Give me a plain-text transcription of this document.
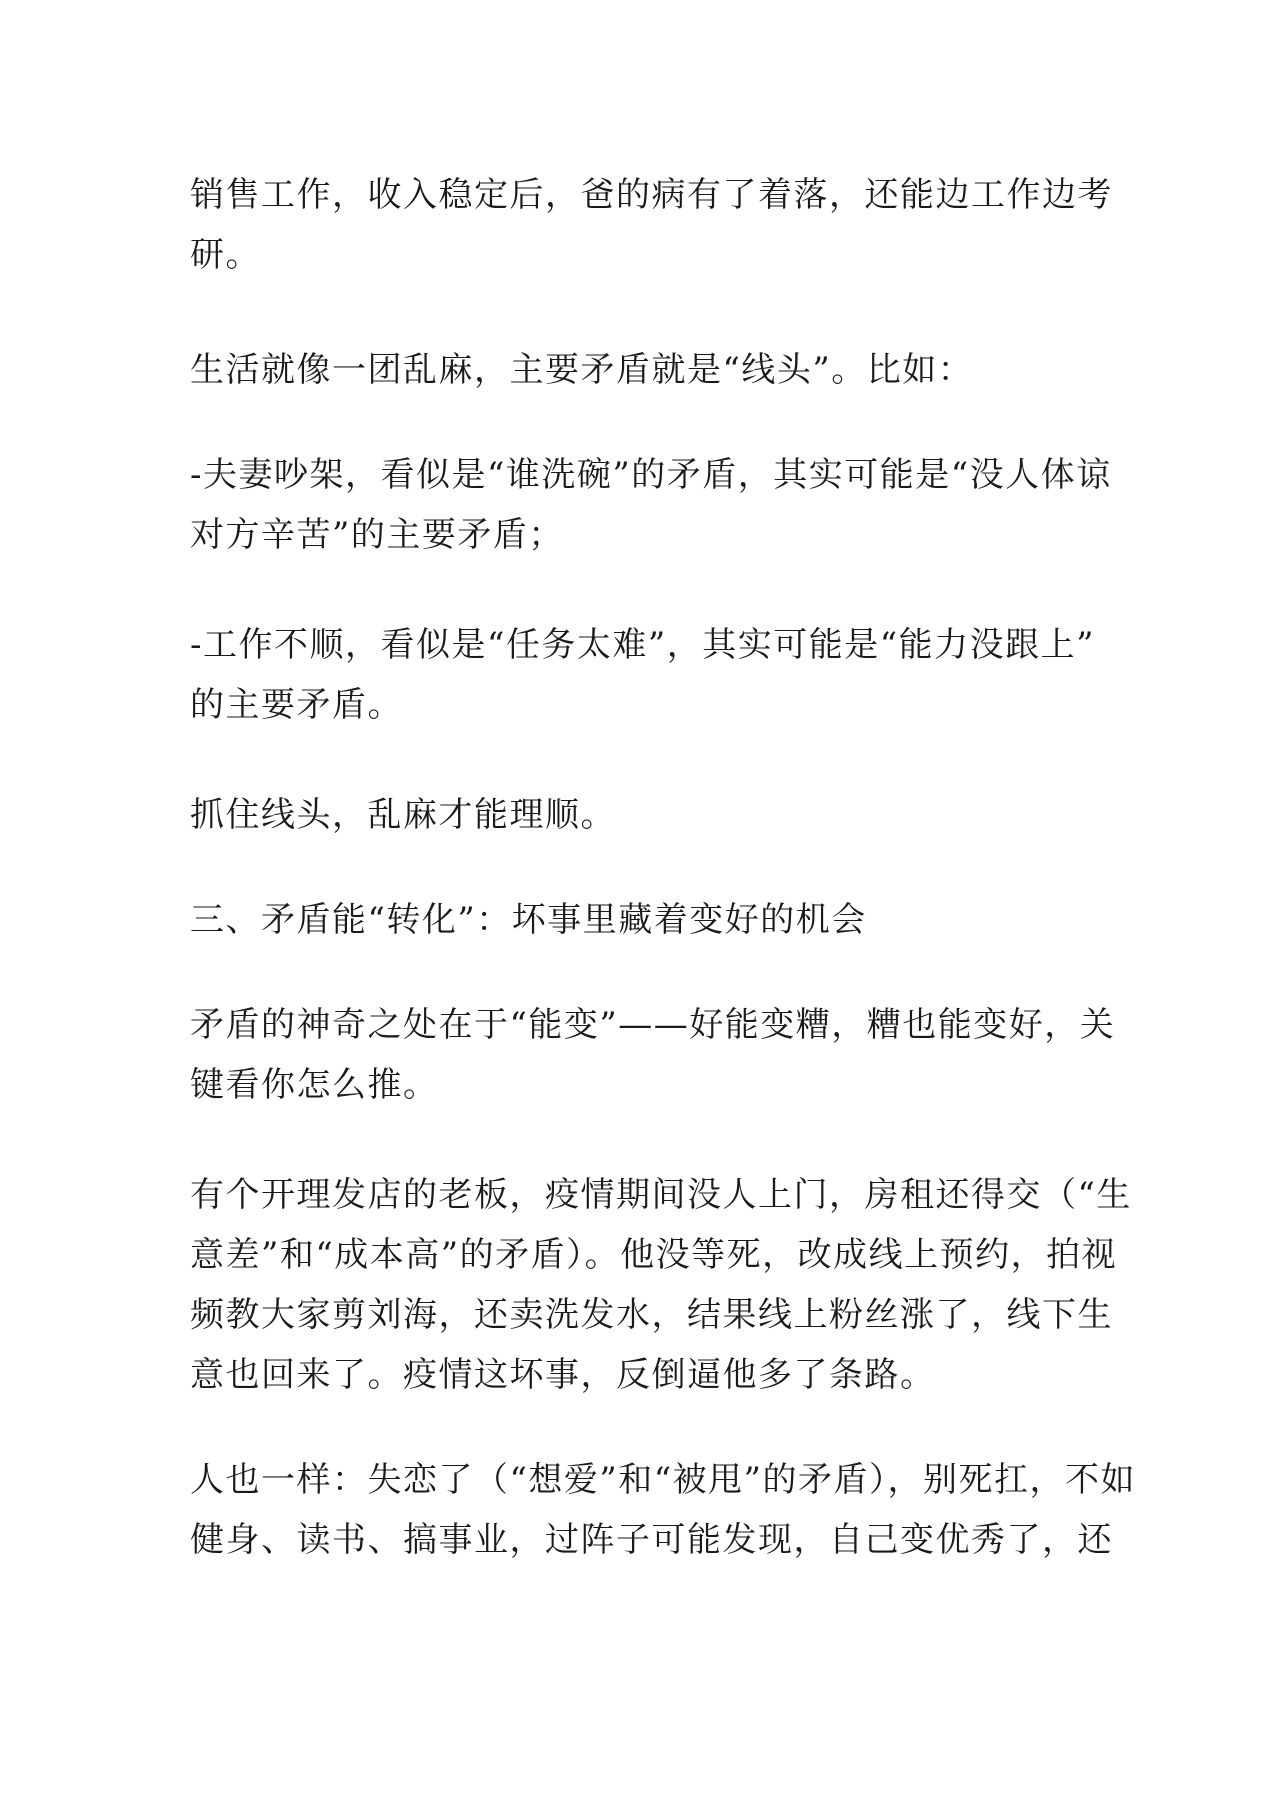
销售工作，收入稳定后，爸的病有了着落，还能边工作边考
研。
生活就像一团乱麻，主要矛盾就是“线头”。比如：
-夫妻吵架，看似是“谁洗碗”的矛盾，其实可能是“没人体谅
对方辛苦”的主要矛盾；
-工作不顺，看似是“任务太难”，其实可能是“能力没跟上”
的主要矛盾。
抓住线头，乱麻才能理顺。
三、矛盾能“转化”：坏事里藏着变好的机会
矛盾的神奇之处在于“能变”——好能变糟，糟也能变好，关
键看你怎么推。
有个开理发店的老板，疫情期间没人上门，房租还得交（“生
意差”和“成本高”的矛盾）。他没等死，改成线上预约，拍视
频教大家剪刘海，还卖洗发水，结果线上粉丝涨了，线下生
意也回来了。疫情这坏事，反倒逼他多了条路。
人也一样：失恋了（“想爱”和“被甩”的矛盾），别死扛，不如
健身、读书、搞事业，过阵子可能发现，自己变优秀了，还
